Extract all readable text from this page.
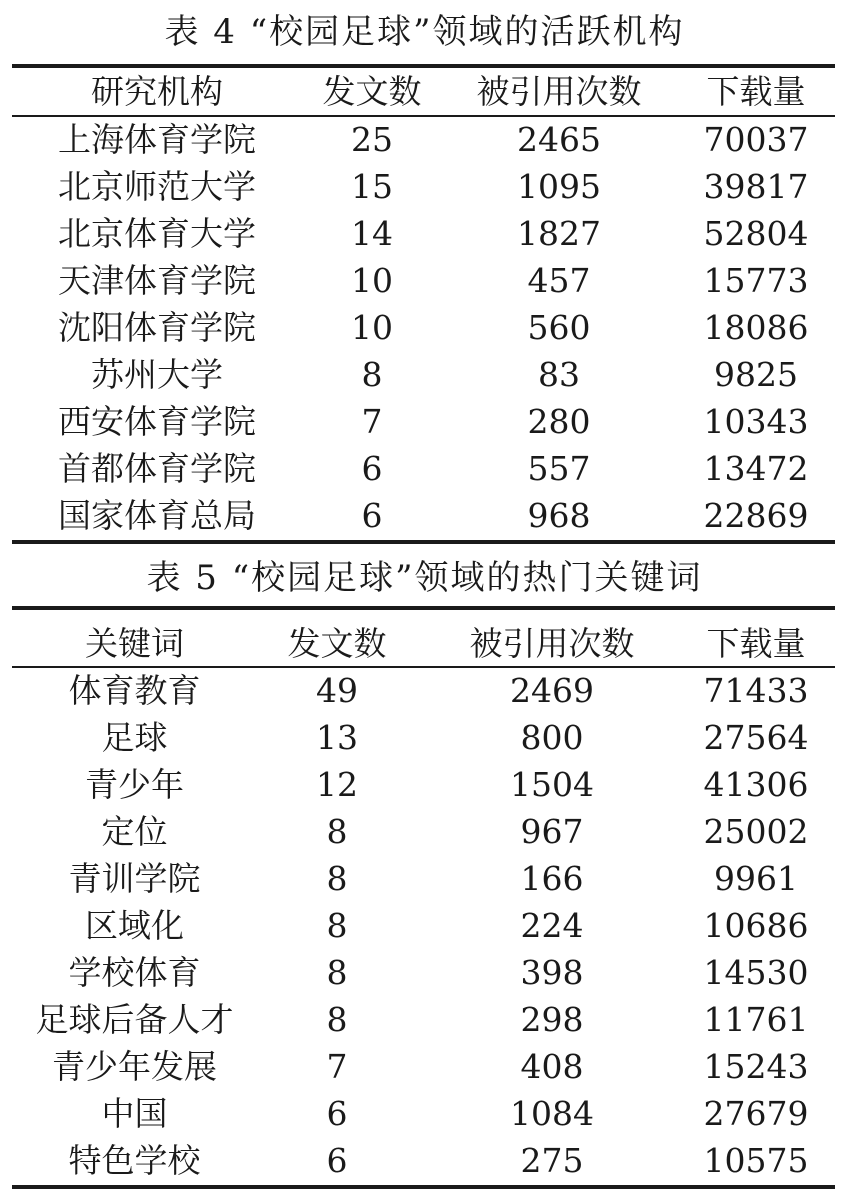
表 4 “校园足球”领域的活跃机构
研究机构	发文数	被引用次数	下载量
上海体育学院	25	2465	70037
北京师范大学	15	1095	39817
北京体育大学	14	1827	52804
天津体育学院	10	457	15773
沈阳体育学院	10	560	18086
苏州大学	8	83	9825
西安体育学院	7	280	10343
首都体育学院	6	557	13472
国家体育总局	6	968	22869
表 5 “校园足球”领域的热门关键词
关键词	发文数	被引用次数	下载量
体育教育	49	2469	71433
足球	13	800	27564
青少年	12	1504	41306
定位	8	967	25002
青训学院	8	166	9961
区域化	8	224	10686
学校体育	8	398	14530
足球后备人才	8	298	11761
青少年发展	7	408	15243
中国	6	1084	27679
特色学校	6	275	10575
